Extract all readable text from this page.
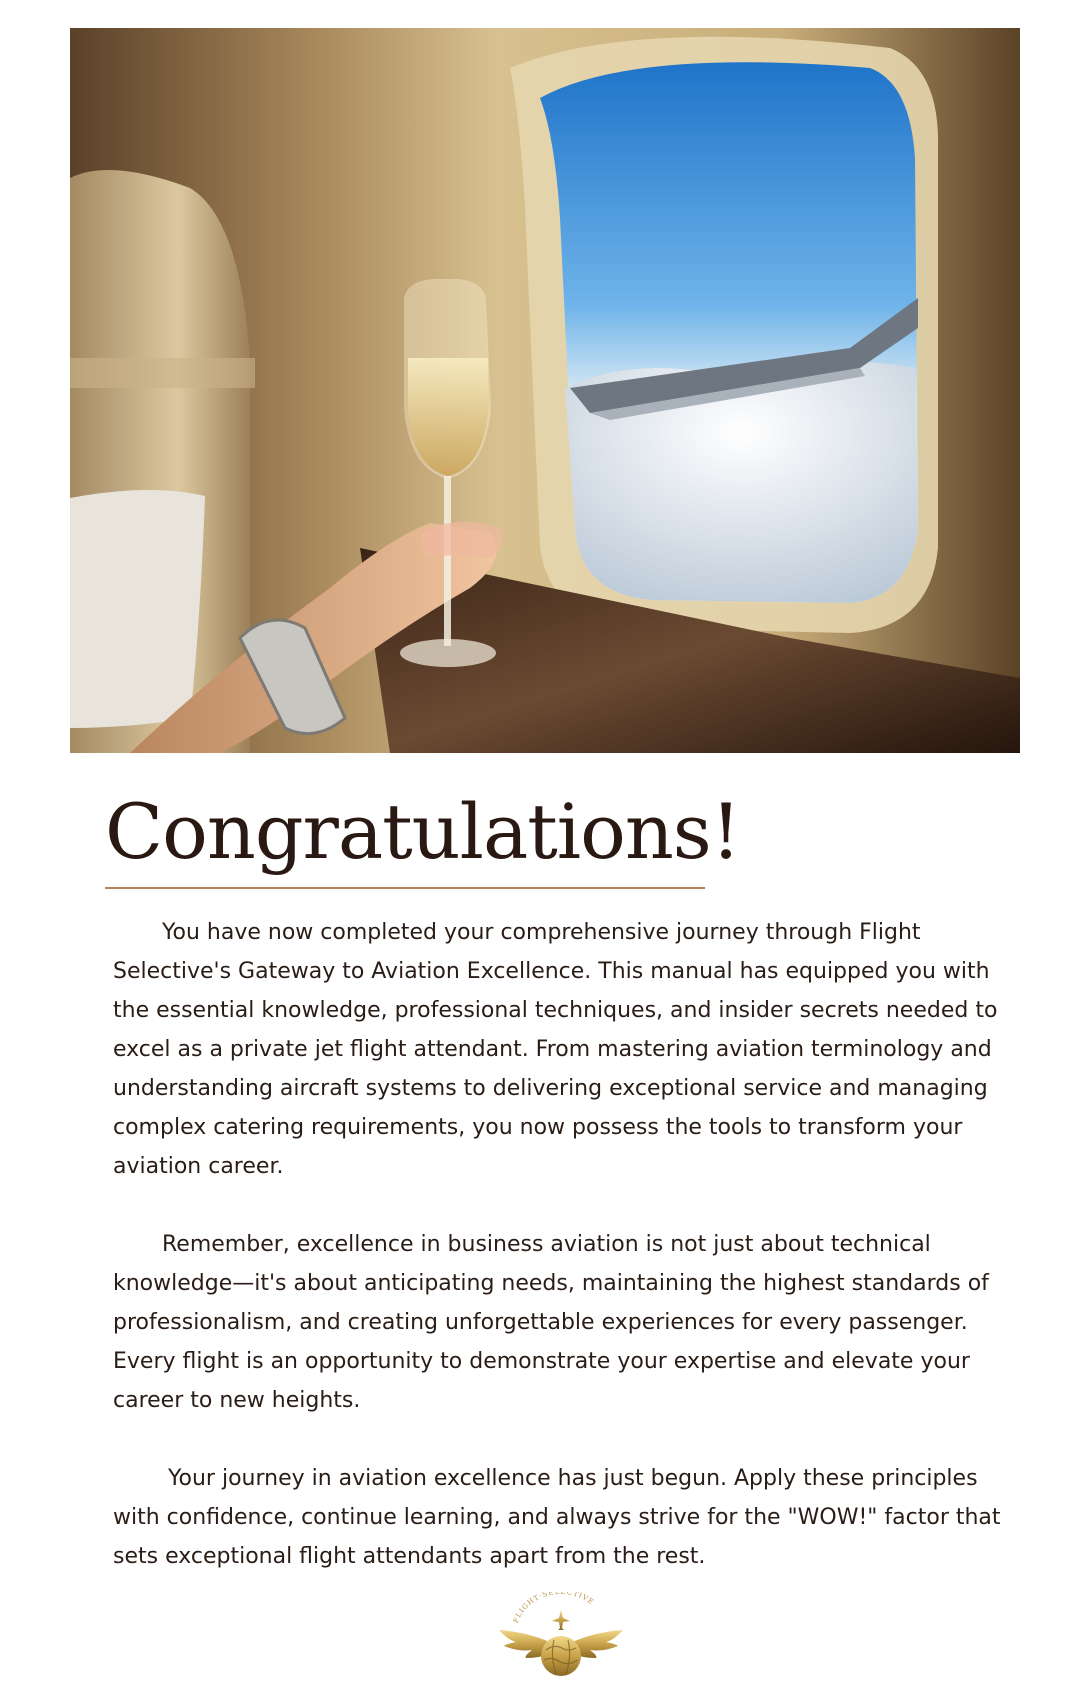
Congratulations!

You have now completed your comprehensive journey through Flight Selective's Gateway to Aviation Excellence. This manual has equipped you with the essential knowledge, professional techniques, and insider secrets needed to excel as a private jet flight attendant. From mastering aviation terminology and understanding aircraft systems to delivering exceptional service and managing complex catering requirements, you now possess the tools to transform your aviation career.

Remember, excellence in business aviation is not just about technical knowledge—it's about anticipating needs, maintaining the highest standards of professionalism, and creating unforgettable experiences for every passenger. Every flight is an opportunity to demonstrate your expertise and elevate your career to new heights.

Your journey in aviation excellence has just begun. Apply these principles with confidence, continue learning, and always strive for the "WOW!" factor that sets exceptional flight attendants apart from the rest.

FLIGHT·SELECTIVE
